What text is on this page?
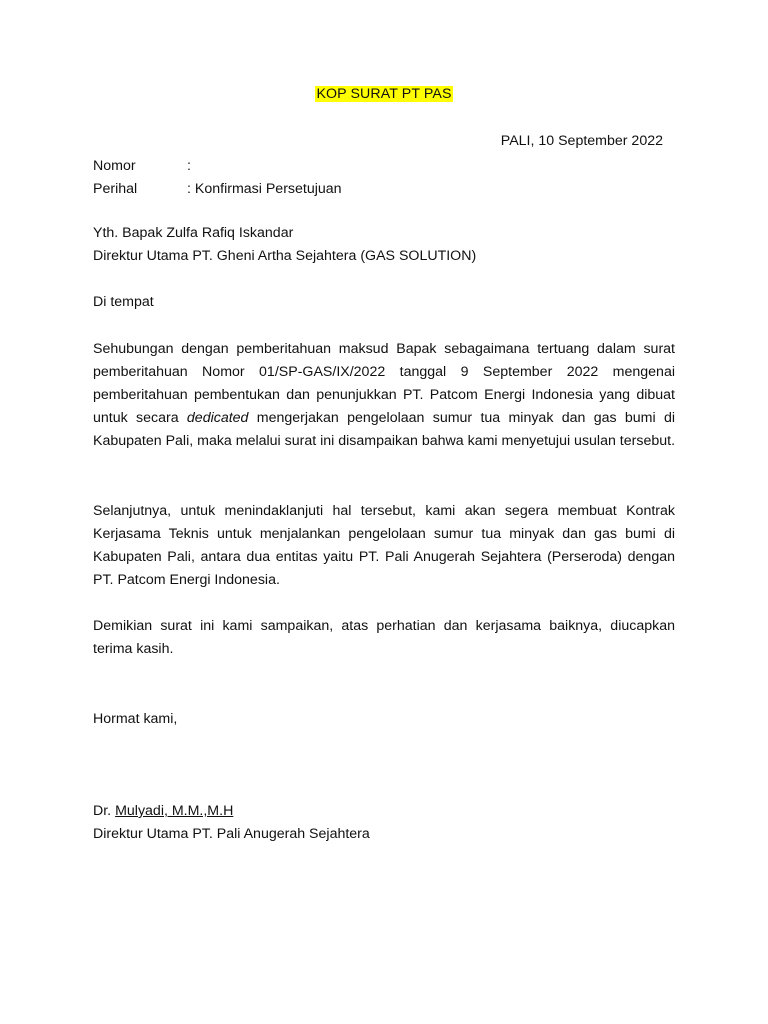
KOP SURAT PT PAS
PALI, 10 September 2022
Nomor	:
Perihal	: Konfirmasi Persetujuan
Yth. Bapak Zulfa Rafiq Iskandar
Direktur Utama PT. Gheni Artha Sejahtera (GAS SOLUTION)
Di tempat
Sehubungan dengan pemberitahuan maksud Bapak sebagaimana tertuang dalam surat pemberitahuan Nomor 01/SP-GAS/IX/2022 tanggal 9 September 2022 mengenai pemberitahuan pembentukan dan penunjukkan PT. Patcom Energi Indonesia yang dibuat untuk secara dedicated mengerjakan pengelolaan sumur tua minyak dan gas bumi di Kabupaten Pali, maka melalui surat ini disampaikan bahwa kami menyetujui usulan tersebut.
Selanjutnya, untuk menindaklanjuti hal tersebut, kami akan segera membuat Kontrak Kerjasama Teknis untuk menjalankan pengelolaan sumur tua minyak dan gas bumi di Kabupaten Pali, antara dua entitas yaitu PT. Pali Anugerah Sejahtera (Perseroda) dengan PT. Patcom Energi Indonesia.
Demikian surat ini kami sampaikan, atas perhatian dan kerjasama baiknya, diucapkan terima kasih.
Hormat kami,
Dr. Mulyadi, M.M.,M.H
Direktur Utama PT. Pali Anugerah Sejahtera
